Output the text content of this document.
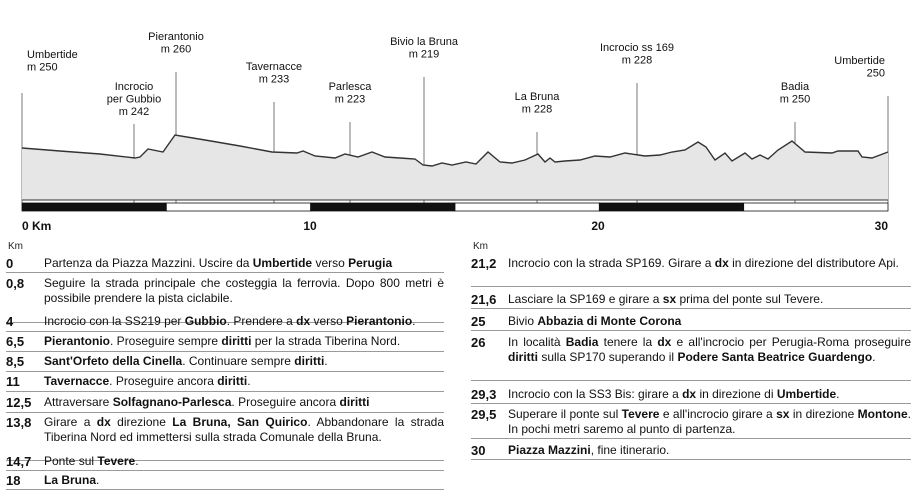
Umbertide m 250
Incrocio per Gubbio m 242
Pierantonio m 260
Tavernacce m 233
Parlesca m 223
Bivio la Bruna m 219
La Bruna m 228
Incrocio ss 169 m 228
Badia m 250
Umbertide 250
0 Km	10	20	30
Km	Km
0	Partenza da Piazza Mazzini. Uscire da Umbertide verso Perugia
0,8 Seguire la strada principale che costeggia la ferrovia. Dopo 800 metri è possibile prendere la pista ciclabile.
4	Incrocio con la SS219 per Gubbio. Prendere a dx verso Pierantonio.
6,5 Pierantonio. Proseguire sempre diritti per la strada Tiberina Nord.
8,5 Sant'Orfeto della Cinella. Continuare sempre diritti.
11 Tavernacce. Proseguire ancora diritti.
12,5 Attraversare Solfagnano-Parlesca. Proseguire ancora diritti
13,8 Girare a dx direzione La Bruna, San Quirico. Abbandonare la strada Tiberina Nord ed immettersi sulla strada Comunale della Bruna.
14,7 Ponte sul Tevere.
18 La Bruna.
21,2 Incrocio con la strada SP169. Girare a dx in direzione del distributore Api.
21,6 Lasciare la SP169 e girare a sx prima del ponte sul Tevere.
25 Bivio Abbazia di Monte Corona
26 In località Badia tenere la dx e all'incrocio per Perugia-Roma proseguire diritti sulla SP170 superando il Podere Santa Beatrice Guardengo.
29,3 Incrocio con la SS3 Bis: girare a dx in direzione di Umbertide.
29,5 Superare il ponte sul Tevere e all'incrocio girare a sx in direzione Montone. In pochi metri saremo al punto di partenza.
30 Piazza Mazzini, fine itinerario.
